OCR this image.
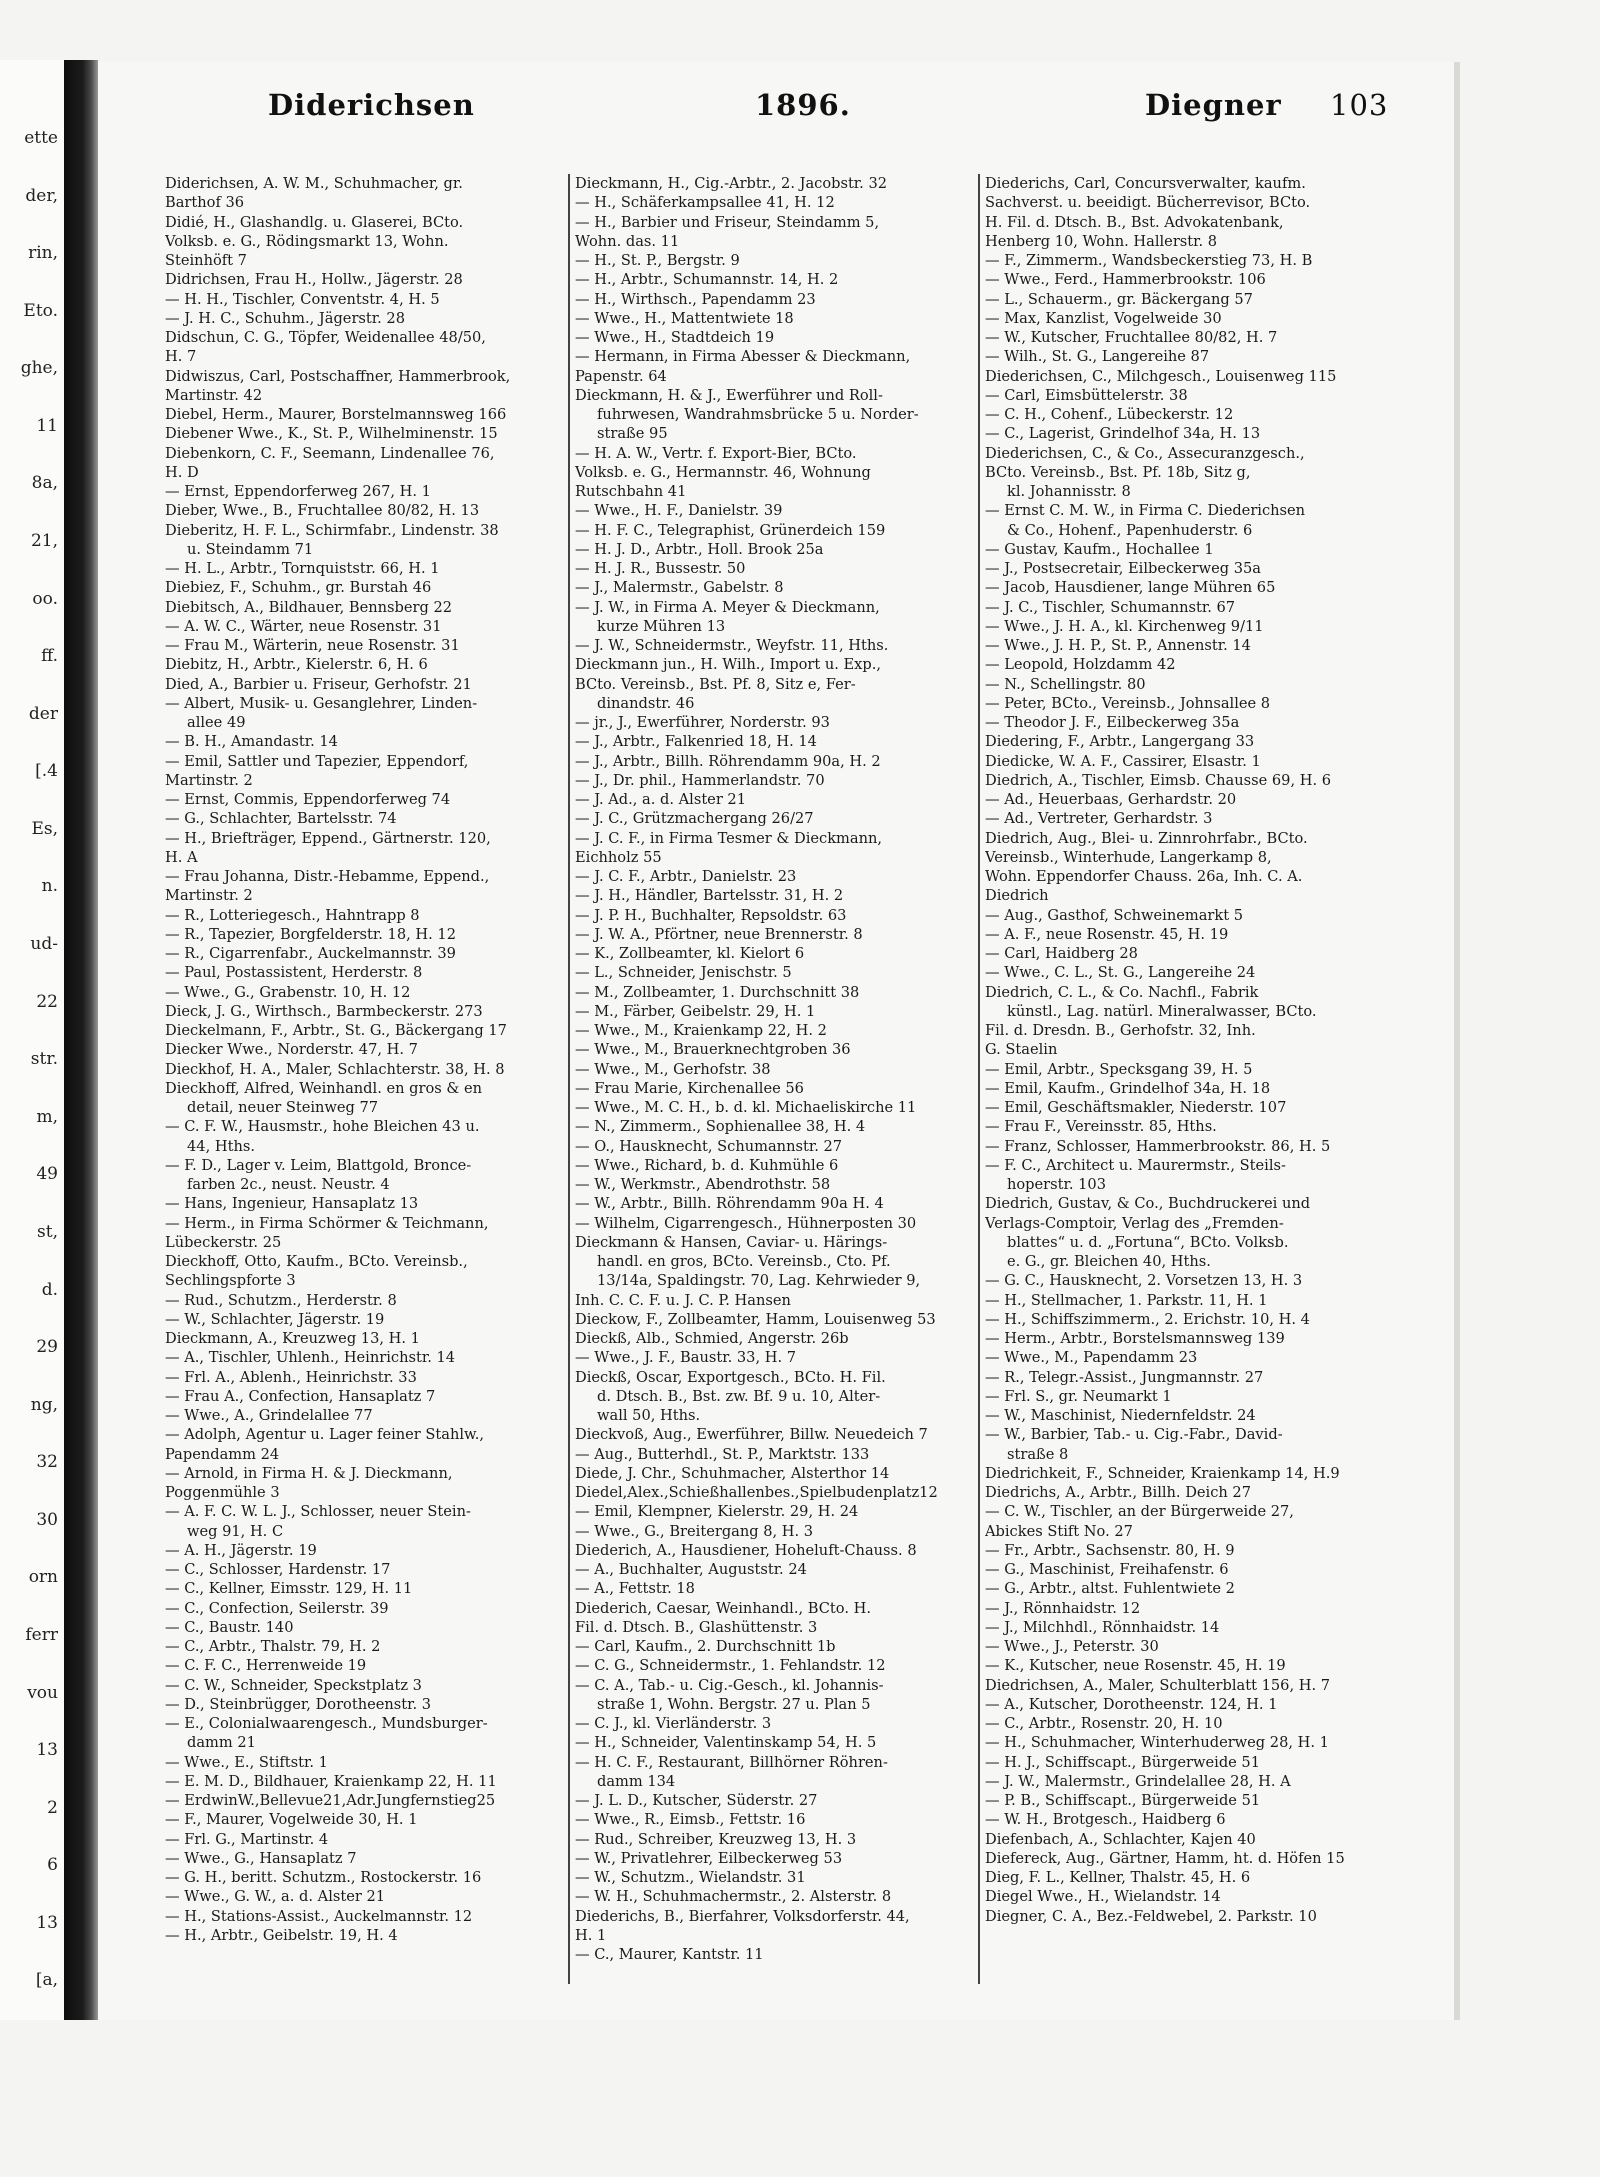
ette
der,
rin,
Eto.
ghe,
11
8a,
21,
oo.
ff.
der
[.4
Es,
n.
ud-
22
str.
m,
49
st,
d.
29
ng,
32
30
orn
ferr
vou
13
2
6
13
[a,
Diderichsen	1896.	Diegner 103
Diderichsen, A. W. M., Schuhmacher, gr.
Barthof 36
Didié, H., Glashandlg. u. Glaserei, BCto.
Volksb. e. G., Rödingsmarkt 13, Wohn.
Steinhöft 7
Didrichsen, Frau H., Hollw., Jägerstr. 28
— H. H., Tischler, Conventstr. 4, H. 5
— J. H. C., Schuhm., Jägerstr. 28
Didschun, C. G., Töpfer, Weidenallee 48/50,
H. 7
Didwiszus, Carl, Postschaffner, Hammerbrook,
Martinstr. 42
Diebel, Herm., Maurer, Borstelmannsweg 166
Diebener Wwe., K., St. P., Wilhelminenstr. 15
Diebenkorn, C. F., Seemann, Lindenallee 76,
H. D
— Ernst, Eppendorferweg 267, H. 1
Dieber, Wwe., B., Fruchtallee 80/82, H. 13
Dieberitz, H. F. L., Schirmfabr., Lindenstr. 38
u. Steindamm 71
— H. L., Arbtr., Tornquiststr. 66, H. 1
Diebiez, F., Schuhm., gr. Burstah 46
Diebitsch, A., Bildhauer, Bennsberg 22
— A. W. C., Wärter, neue Rosenstr. 31
— Frau M., Wärterin, neue Rosenstr. 31
Diebitz, H., Arbtr., Kielerstr. 6, H. 6
Died, A., Barbier u. Friseur, Gerhofstr. 21
— Albert, Musik- u. Gesanglehrer, Linden-
allee 49
— B. H., Amandastr. 14
— Emil, Sattler und Tapezier, Eppendorf,
Martinstr. 2
— Ernst, Commis, Eppendorferweg 74
— G., Schlachter, Bartelsstr. 74
— H., Briefträger, Eppend., Gärtnerstr. 120,
H. A
— Frau Johanna, Distr.-Hebamme, Eppend.,
Martinstr. 2
— R., Lotteriegesch., Hahntrapp 8
— R., Tapezier, Borgfelderstr. 18, H. 12
— R., Cigarrenfabr., Auckelmannstr. 39
— Paul, Postassistent, Herderstr. 8
— Wwe., G., Grabenstr. 10, H. 12
Dieck, J. G., Wirthsch., Barmbeckerstr. 273
Dieckelmann, F., Arbtr., St. G., Bäckergang 17
Diecker Wwe., Norderstr. 47, H. 7
Dieckhof, H. A., Maler, Schlachterstr. 38, H. 8
Dieckhoff, Alfred, Weinhandl. en gros & en
detail, neuer Steinweg 77
— C. F. W., Hausmstr., hohe Bleichen 43 u.
44, Hths.
— F. D., Lager v. Leim, Blattgold, Bronce-
farben 2c., neust. Neustr. 4
— Hans, Ingenieur, Hansaplatz 13
— Herm., in Firma Schörmer & Teichmann,
Lübeckerstr. 25
Dieckhoff, Otto, Kaufm., BCto. Vereinsb.,
Sechlingspforte 3
— Rud., Schutzm., Herderstr. 8
— W., Schlachter, Jägerstr. 19
Dieckmann, A., Kreuzweg 13, H. 1
— A., Tischler, Uhlenh., Heinrichstr. 14
— Frl. A., Ablenh., Heinrichstr. 33
— Frau A., Confection, Hansaplatz 7
— Wwe., A., Grindelallee 77
— Adolph, Agentur u. Lager feiner Stahlw.,
Papendamm 24
— Arnold, in Firma H. & J. Dieckmann,
Poggenmühle 3
— A. F. C. W. L. J., Schlosser, neuer Stein-
weg 91, H. C
— A. H., Jägerstr. 19
— C., Schlosser, Hardenstr. 17
— C., Kellner, Eimsstr. 129, H. 11
— C., Confection, Seilerstr. 39
— C., Baustr. 140
— C., Arbtr., Thalstr. 79, H. 2
— C. F. C., Herrenweide 19
— C. W., Schneider, Speckstplatz 3
— D., Steinbrügger, Dorotheenstr. 3
— E., Colonialwaarengesch., Mundsburger-
damm 21
— Wwe., E., Stiftstr. 1
— E. M. D., Bildhauer, Kraienkamp 22, H. 11
— ErdwinW.,Bellevue21,Adr.Jungfernstieg25
— F., Maurer, Vogelweide 30, H. 1
— Frl. G., Martinstr. 4
— Wwe., G., Hansaplatz 7
— G. H., beritt. Schutzm., Rostockerstr. 16
— Wwe., G. W., a. d. Alster 21
— H., Stations-Assist., Auckelmannstr. 12
— H., Arbtr., Geibelstr. 19, H. 4
Dieckmann, H., Cig.-Arbtr., 2. Jacobstr. 32
— H., Schäferkampsallee 41, H. 12
— H., Barbier und Friseur, Steindamm 5,
Wohn. das. 11
— H., St. P., Bergstr. 9
— H., Arbtr., Schumannstr. 14, H. 2
— H., Wirthsch., Papendamm 23
— Wwe., H., Mattentwiete 18
— Wwe., H., Stadtdeich 19
— Hermann, in Firma Abesser & Dieckmann,
Papenstr. 64
Dieckmann, H. & J., Ewerführer und Roll-
fuhrwesen, Wandrahmsbrücke 5 u. Norder-
straße 95
— H. A. W., Vertr. f. Export-Bier, BCto.
Volksb. e. G., Hermannstr. 46, Wohnung
Rutschbahn 41
— Wwe., H. F., Danielstr. 39
— H. F. C., Telegraphist, Grünerdeich 159
— H. J. D., Arbtr., Holl. Brook 25a
— H. J. R., Bussestr. 50
— J., Malermstr., Gabelstr. 8
— J. W., in Firma A. Meyer & Dieckmann,
kurze Mühren 13
— J. W., Schneidermstr., Weyfstr. 11, Hths.
Dieckmann jun., H. Wilh., Import u. Exp.,
BCto. Vereinsb., Bst. Pf. 8, Sitz e, Fer-
dinandstr. 46
— jr., J., Ewerführer, Norderstr. 93
— J., Arbtr., Falkenried 18, H. 14
— J., Arbtr., Billh. Röhrendamm 90a, H. 2
— J., Dr. phil., Hammerlandstr. 70
— J. Ad., a. d. Alster 21
— J. C., Grützmachergang 26/27
— J. C. F., in Firma Tesmer & Dieckmann,
Eichholz 55
— J. C. F., Arbtr., Danielstr. 23
— J. H., Händler, Bartelsstr. 31, H. 2
— J. P. H., Buchhalter, Repsoldstr. 63
— J. W. A., Pförtner, neue Brennerstr. 8
— K., Zollbeamter, kl. Kielort 6
— L., Schneider, Jenischstr. 5
— M., Zollbeamter, 1. Durchschnitt 38
— M., Färber, Geibelstr. 29, H. 1
— Wwe., M., Kraienkamp 22, H. 2
— Wwe., M., Brauerknechtgroben 36
— Wwe., M., Gerhofstr. 38
— Frau Marie, Kirchenallee 56
— Wwe., M. C. H., b. d. kl. Michaeliskirche 11
— N., Zimmerm., Sophienallee 38, H. 4
— O., Hausknecht, Schumannstr. 27
— Wwe., Richard, b. d. Kuhmühle 6
— W., Werkmstr., Abendrothstr. 58
— W., Arbtr., Billh. Röhrendamm 90a H. 4
— Wilhelm, Cigarrengesch., Hühnerposten 30
Dieckmann & Hansen, Caviar- u. Härings-
handl. en gros, BCto. Vereinsb., Cto. Pf.
13/14a, Spaldingstr. 70, Lag. Kehrwieder 9,
Inh. C. C. F. u. J. C. P. Hansen
Dieckow, F., Zollbeamter, Hamm, Louisenweg 53
Dieckß, Alb., Schmied, Angerstr. 26b
— Wwe., J. F., Baustr. 33, H. 7
Dieckß, Oscar, Exportgesch., BCto. H. Fil.
d. Dtsch. B., Bst. zw. Bf. 9 u. 10, Alter-
wall 50, Hths.
Dieckvoß, Aug., Ewerführer, Billw. Neuedeich 7
— Aug., Butterhdl., St. P., Marktstr. 133
Diede, J. Chr., Schuhmacher, Alsterthor 14
Diedel,Alex.,Schießhallenbes.,Spielbudenplatz12
— Emil, Klempner, Kielerstr. 29, H. 24
— Wwe., G., Breitergang 8, H. 3
Diederich, A., Hausdiener, Hoheluft-Chauss. 8
— A., Buchhalter, Auguststr. 24
— A., Fettstr. 18
Diederich, Caesar, Weinhandl., BCto. H.
Fil. d. Dtsch. B., Glashüttenstr. 3
— Carl, Kaufm., 2. Durchschnitt 1b
— C. G., Schneidermstr., 1. Fehlandstr. 12
— C. A., Tab.- u. Cig.-Gesch., kl. Johannis-
straße 1, Wohn. Bergstr. 27 u. Plan 5
— C. J., kl. Vierländerstr. 3
— H., Schneider, Valentinskamp 54, H. 5
— H. C. F., Restaurant, Billhörner Röhren-
damm 134
— J. L. D., Kutscher, Süderstr. 27
— Wwe., R., Eimsb., Fettstr. 16
— Rud., Schreiber, Kreuzweg 13, H. 3
— W., Privatlehrer, Eilbeckerweg 53
— W., Schutzm., Wielandstr. 31
— W. H., Schuhmachermstr., 2. Alsterstr. 8
Diederichs, B., Bierfahrer, Volksdorferstr. 44,
H. 1
— C., Maurer, Kantstr. 11
Diederichs, Carl, Concursverwalter, kaufm.
Sachverst. u. beeidigt. Bücherrevisor, BCto.
H. Fil. d. Dtsch. B., Bst. Advokatenbank,
Henberg 10, Wohn. Hallerstr. 8
— F., Zimmerm., Wandsbeckerstieg 73, H. B
— Wwe., Ferd., Hammerbrookstr. 106
— L., Schauerm., gr. Bäckergang 57
— Max, Kanzlist, Vogelweide 30
— W., Kutscher, Fruchtallee 80/82, H. 7
— Wilh., St. G., Langereihe 87
Diederichsen, C., Milchgesch., Louisenweg 115
— Carl, Eimsbüttelerstr. 38
— C. H., Cohenf., Lübeckerstr. 12
— C., Lagerist, Grindelhof 34a, H. 13
Diederichsen, C., & Co., Assecuranzgesch.,
BCto. Vereinsb., Bst. Pf. 18b, Sitz g,
kl. Johannisstr. 8
— Ernst C. M. W., in Firma C. Diederichsen
& Co., Hohenf., Papenhuderstr. 6
— Gustav, Kaufm., Hochallee 1
— J., Postsecretair, Eilbeckerweg 35a
— Jacob, Hausdiener, lange Mühren 65
— J. C., Tischler, Schumannstr. 67
— Wwe., J. H. A., kl. Kirchenweg 9/11
— Wwe., J. H. P., St. P., Annenstr. 14
— Leopold, Holzdamm 42
— N., Schellingstr. 80
— Peter, BCto., Vereinsb., Johnsallee 8
— Theodor J. F., Eilbeckerweg 35a
Diedering, F., Arbtr., Langergang 33
Diedicke, W. A. F., Cassirer, Elsastr. 1
Diedrich, A., Tischler, Eimsb. Chausse 69, H. 6
— Ad., Heuerbaas, Gerhardstr. 20
— Ad., Vertreter, Gerhardstr. 3
Diedrich, Aug., Blei- u. Zinnrohrfabr., BCto.
Vereinsb., Winterhude, Langerkamp 8,
Wohn. Eppendorfer Chauss. 26a, Inh. C. A.
Diedrich
— Aug., Gasthof, Schweinemarkt 5
— A. F., neue Rosenstr. 45, H. 19
— Carl, Haidberg 28
— Wwe., C. L., St. G., Langereihe 24
Diedrich, C. L., & Co. Nachfl., Fabrik
künstl., Lag. natürl. Mineralwasser, BCto.
Fil. d. Dresdn. B., Gerhofstr. 32, Inh.
G. Staelin
— Emil, Arbtr., Specksgang 39, H. 5
— Emil, Kaufm., Grindelhof 34a, H. 18
— Emil, Geschäftsmakler, Niederstr. 107
— Frau F., Vereinsstr. 85, Hths.
— Franz, Schlosser, Hammerbrookstr. 86, H. 5
— F. C., Architect u. Maurermstr., Steils-
hoperstr. 103
Diedrich, Gustav, & Co., Buchdruckerei und
Verlags-Comptoir, Verlag des „Fremden-
blattes“ u. d. „Fortuna“, BCto. Volksb.
e. G., gr. Bleichen 40, Hths.
— G. C., Hausknecht, 2. Vorsetzen 13, H. 3
— H., Stellmacher, 1. Parkstr. 11, H. 1
— H., Schiffszimmerm., 2. Erichstr. 10, H. 4
— Herm., Arbtr., Borstelsmannsweg 139
— Wwe., M., Papendamm 23
— R., Telegr.-Assist., Jungmannstr. 27
— Frl. S., gr. Neumarkt 1
— W., Maschinist, Niedernfeldstr. 24
— W., Barbier, Tab.- u. Cig.-Fabr., David-
straße 8
Diedrichkeit, F., Schneider, Kraienkamp 14, H.9
Diedrichs, A., Arbtr., Billh. Deich 27
— C. W., Tischler, an der Bürgerweide 27,
Abickes Stift No. 27
— Fr., Arbtr., Sachsenstr. 80, H. 9
— G., Maschinist, Freihafenstr. 6
— G., Arbtr., altst. Fuhlentwiete 2
— J., Rönnhaidstr. 12
— J., Milchhdl., Rönnhaidstr. 14
— Wwe., J., Peterstr. 30
— K., Kutscher, neue Rosenstr. 45, H. 19
Diedrichsen, A., Maler, Schulterblatt 156, H. 7
— A., Kutscher, Dorotheenstr. 124, H. 1
— C., Arbtr., Rosenstr. 20, H. 10
— H., Schuhmacher, Winterhuderweg 28, H. 1
— H. J., Schiffscapt., Bürgerweide 51
— J. W., Malermstr., Grindelallee 28, H. A
— P. B., Schiffscapt., Bürgerweide 51
— W. H., Brotgesch., Haidberg 6
Diefenbach, A., Schlachter, Kajen 40
Diefereck, Aug., Gärtner, Hamm, ht. d. Höfen 15
Dieg, F. L., Kellner, Thalstr. 45, H. 6
Diegel Wwe., H., Wielandstr. 14
Diegner, C. A., Bez.-Feldwebel, 2. Parkstr. 10
